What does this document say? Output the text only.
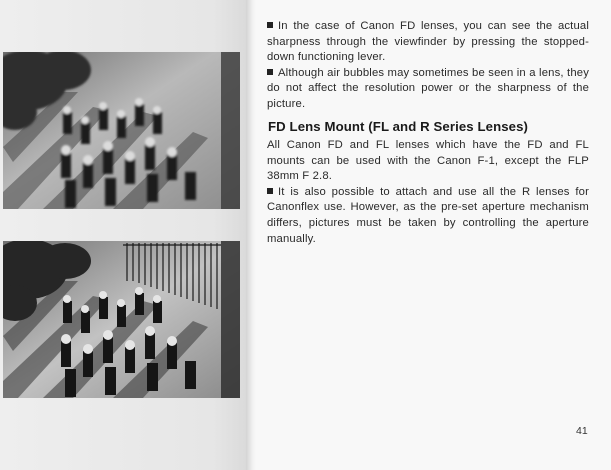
In the case of Canon FD lenses, you can see the actual sharpness through the viewfinder by pressing the stopped-down functioning lever.

Although air bubbles may sometimes be seen in a lens, they do not affect the resolution power or the sharpness of the picture.

FD Lens Mount (FL and R Series Lenses)

All Canon FD and FL lenses which have the FD and FL mounts can be used with the Canon F-1, except the FLP 38mm F 2.8.

It is also possible to attach and use all the R lenses for Canonflex use. However, as the pre-set aperture mechanism differs, pictures must be taken by controlling the aperture manually.

41
